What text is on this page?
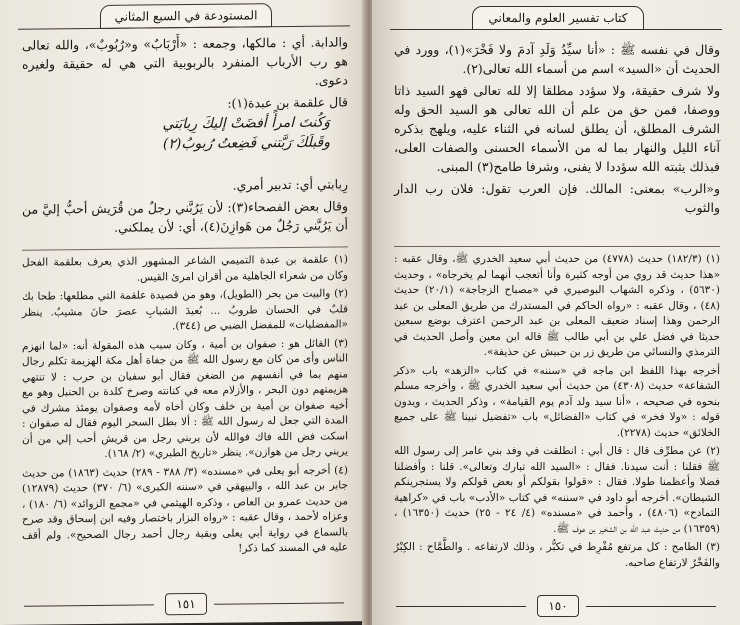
المستودعة في السبع المثاني

والدابة. أي : مالكها، وجمعه : «أَرْبَابٌ» و«رُبُوبٌ»، والله تعالى هو رب الأرباب المنفرد بالربوبية التي هي له حقيقة ولغيره دعوى.

قال علقمة بن عبدة(١):

وَكُنتَ امرأً أفضَتْ إليكَ رِبابَتي
وقَبلَكَ رَبَّتني فَضِعتُ رُبوبُ(٢)

رِبابتي أي: تدبير أمري.

وقال بعض الفصحاء(٣): لأن يَرُبَّني رجلٌ من قُرَيش أحبُّ إليَّ من أن يَرُبَّني رَجُلٌ من هَوازِنَ(٤)، أي: لأن يملكني.

(١) علقمة بن عبدة التميمي الشاعر المشهور الذي يعرف بعلقمة الفحل وكان من شعراء الجاهلية من أقران امرئ القيس.

(٢) والبيت من بحر (الطويل)، وهو من قصيدة علقمة التي مطلعها: طحا بك قلبٌ في الحسان طروبُ ... بُعيدَ الشبابِ عصرَ حانَ مشيبُ. ينظر «المفضليات» للمفضل الضبي ص (٣٤٤).

(٣) القائل هو : صفوان بن أمية ، وكان سبب هذه المقولة أنه: «لما انهزم الناس وأى من كان مع رسول الله ﷺ من جفاة أهل مكة الهزيمة تكلم رجال منهم بما في أنفسهم من الضغن فقال أبو سفيان بن حرب : لا تنتهي هزيمتهم دون البحر ، والأزلام معه في كنانته وصرخ كلدة بن الحنبل وهو مع أخيه صفوان بن أمية بن خلف وكان أخاه لأمه وصفوان يومئذ مشرك في المدة التي جعل له رسول الله ﷺ : ألا بطل السحر اليوم فقال له صفوان : اسكت فض الله فاك فوالله لأن يربني رجل من قريش أحب إلي من أن يربني رجل من هوازن». ينظر «تاريخ الطبري» (٢/ ١٦٨).

(٤) أخرجه أبو يعلى في «مسنده» (٣/ ٣٨٨ - ٢٨٩) حديث (١٨٦٣) من حديث جابر بن عبد الله ، والبيهقي في «سننه الكبرى» (٦/ ٣٧٠) حديث (١٢٨٧٩) من حديث عمرو بن العاص ، وذكره الهيثمي في «مجمع الزوائد» (٦/ ١٨٠) ، وعزاه لأحمد ، وقال عقبه : «رواه البزار باختصار وفيه ابن إسحاق وقد صرح بالسماع في رواية أبي يعلى وبقية رجال أحمد رجال الصحيح». ولم أقف عليه في المسند كما ذكر!

١٥١
كتاب تفسير العلوم والمعاني

وقال في نفسه ﷺ : «أنا سيِّدُ وَلَدِ آدمَ ولا فَخْرَ»(١)، وورد في الحديث أن «السيد» اسم من أسماء الله تعالى(٢).

ولا شرف حقيقة، ولا سؤدد مطلقا إلا لله تعالى فهو السيد ذاتا ووصفا، فمن حق من علم أن الله تعالى هو السيد الحق وله الشرف المطلق، أن يطلق لسانه في الثناء عليه، ويلهج بذكره آناء الليل والنهار بما له من الأسماء الحسنى والصفات العلى، فبذلك يثبته الله سؤددا لا يفنى، وشرفا طامح(٣) المبنى.

و«الرب» بمعنى: المالك. فإن العرب تقول: فلان رب الدار والثوب

(١) (١٨٢/٣) حديث (٤٧٧٨) من حديث أبي سعيد الخدري ﷺ، وقال عقبه : «هذا حديث قد روي من أوجه كثيرة وأنا أتعجب أنهما لم يخرجاه» ، وحديث (٥٦٣٠) ، وذكره الشهاب البوصيري في «مصباح الزجاجة» (٢٠/١) حديث (٤٨) ، وقال عقبه : «رواه الحاكم في المستدرك من طريق المعلى بن عبد الرحمن وهذا إسناد ضعيف المعلى بن عبد الرحمن اعترف بوضع سبعين حديثا في فضل علي بن أبي طالب ﷺ قاله ابن معين وأصل الحديث في الترمذي والنسائي من طريق زر بن حبيش عن حذيفة».

أخرجه بهذا اللفظ ابن ماجه في «سننه» في كتاب «الزهد» باب «ذكر الشفاعة» حديث (٤٣٠٨) من حديث أبي سعيد الخدري ﷺ ، وأخرجه مسلم بنحوه في صحيحه ، «أنا سيد ولد آدم يوم القيامة» ، وذكر الحديث ، ويدون قوله : «ولا فخر» في كتاب «الفضائل» باب «تفضيل نبينا ﷺ على جميع الخلائق» حديث (٢٢٧٨).

(٢) عن مطرِّف قال : قال أبي : انطلقت في وفد بني عامر إلى رسول الله ﷺ فقلنا : أنت سيدنا. فقال : «السيد الله تبارك وتعالى». قلنا : وأفضلنا فضلا وأعظمنا طولا. فقال : «قولوا بقولكم أو بعض قولكم ولا يستجرينكم الشيطان». أخرجه أبو داود في «سننه» في كتاب «الأدب» باب في «كراهية التمادح» (٤٨٠٦) ، وأحمد في «مسنده» (٤/ ٢٤ - ٢٥) حديث (١٦٣٥٠) ، (١٦٣٥٩) من حديث عبد الله بن الشخير بن عوف ﷺ.

(٣) الطامح : كل مرتفع مُفْرِط في تكبُّر ، وذلك لارتفاعه . والطَّمَّاح : الكِبْرُ والفَخْرُ لارتفاع صاحبه.

١٥٠
